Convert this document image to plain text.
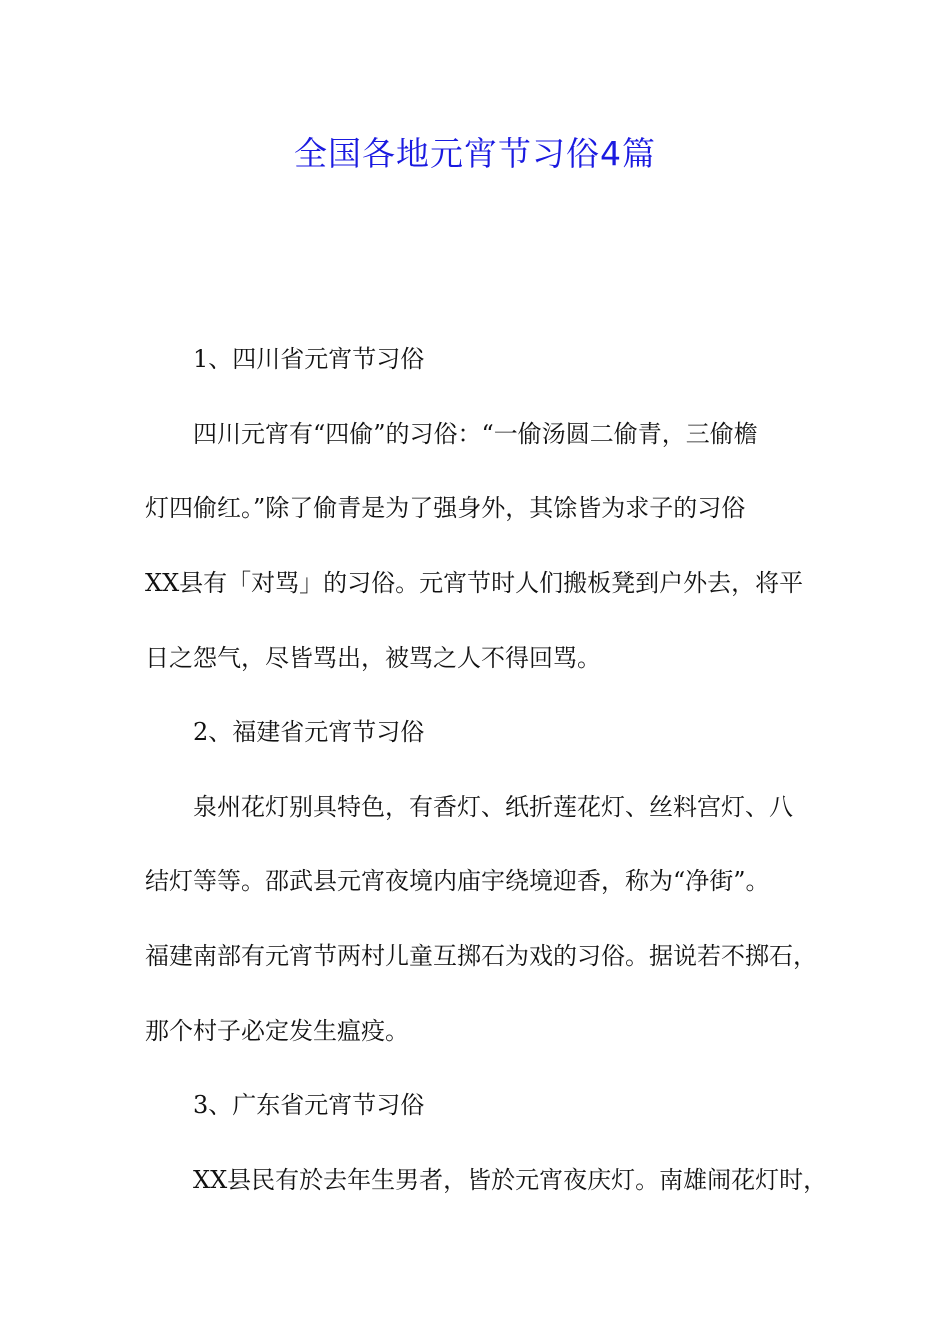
全国各地元宵节习俗4篇

1、四川省元宵节习俗

四川元宵有“四偷”的习俗：“一偷汤圆二偷青，三偷檐

灯四偷红。”除了偷青是为了强身外，其馀皆为求子的习俗

XX县有「对骂」的习俗。元宵节时人们搬板凳到户外去，将平

日之怨气，尽皆骂出，被骂之人不得回骂。

2、福建省元宵节习俗

泉州花灯别具特色，有香灯、纸折莲花灯、丝料宫灯、八

结灯等等。邵武县元宵夜境内庙宇绕境迎香，称为“净街”。

福建南部有元宵节两村儿童互掷石为戏的习俗。据说若不掷石，

那个村子必定发生瘟疫。

3、广东省元宵节习俗

XX县民有於去年生男者，皆於元宵夜庆灯。南雄闹花灯时，
